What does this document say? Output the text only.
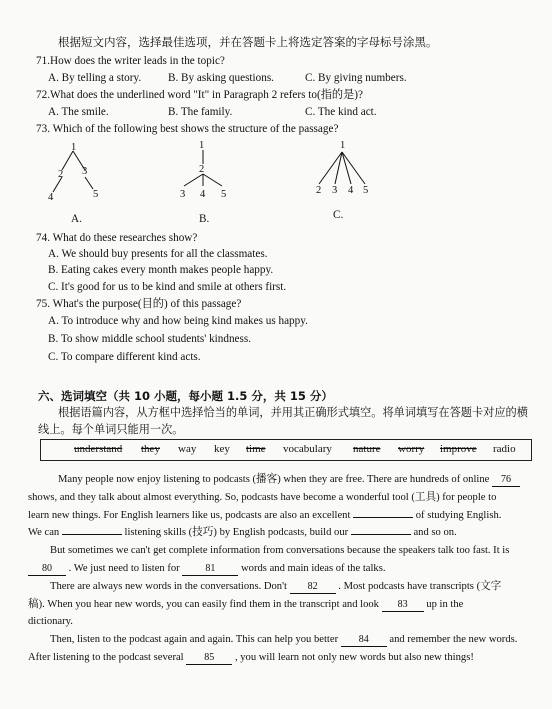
根据短文内容，选择最佳选项，并在答题卡上将选定答案的字母标号涂黑。
71.How does the writer leads in the topic?
A. By telling a story. B. By asking questions.	C. By giving numbers.
72.What does the underlined word "It" in Paragraph 2 refers to(指的是)?
A. The smile.	B. The family.	C. The kind act.
73. Which of the following best shows the structure of the passage?
1
2 3
4	5
A.
1
2
3 4 5
B.
1
2 3 4 5
C.
74. What do these researches show?
A. We should buy presents for all the classmates.
B. Eating cakes every month makes people happy.
C. It's good for us to be kind and smile at others first.
75. What's the purpose(目的) of this passage?
A. To introduce why and how being kind makes us happy.
B. To show middle school students' kindness.
C. To compare different kind acts.
六、选词填空（共 10 小题，每小题 1.5 分，共 15 分）
根据语篇内容，从方框中选择恰当的单词，并用其正确形式填空。将单词填写在答题卡对应的横
线上。每个单词只能用一次。
understand they way key time vocabulary nature worry improve radio
Many people now enjoy listening to podcasts (播客) when they are free. There are hundreds of online 76
shows, and they talk about almost everything. So, podcasts have become a wonderful tool (工具) for people to
learn new things. For English learners like us, podcasts are also an excellent	of studying English.
We can	listening skills (技巧) by English podcasts, build our	and so on.
But sometimes we can't get complete information from conversations because the speakers talk too fast. It is
80 . We just need to listen for	81 words and main ideas of the talks.
There are always new words in the conversations. Don't 82 . Most podcasts have transcripts (文字
稿). When you hear new words, you can easily find them in the transcript and look 83 up in the
dictionary.
Then, listen to the podcast again and again. This can help you better 84 and remember the new words.
After listening to the podcast several 85 , you will learn not only new words but also new things!
